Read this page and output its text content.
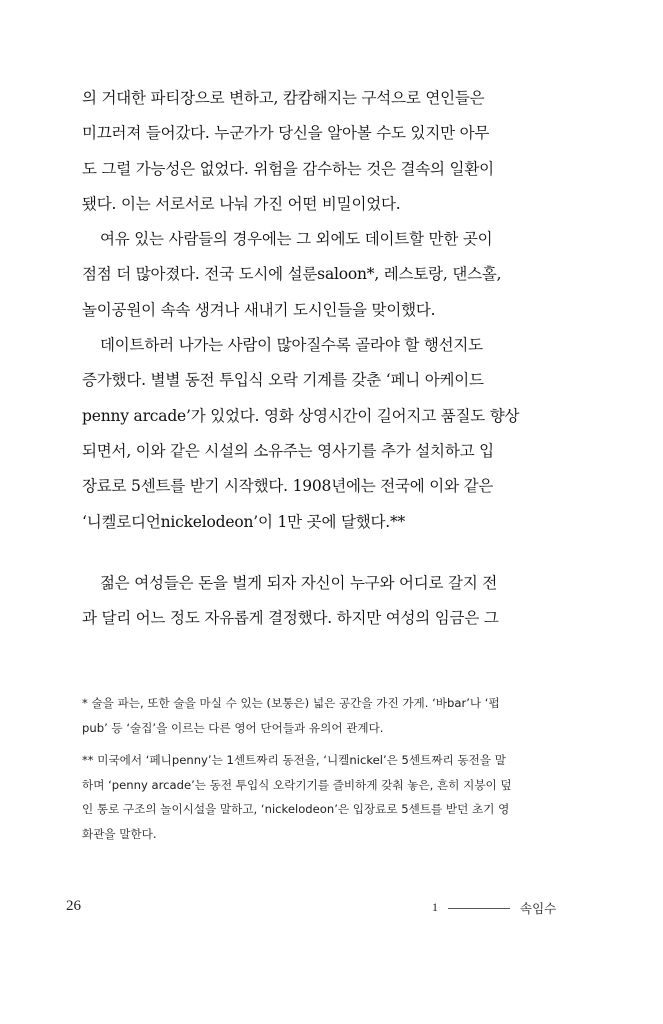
의 거대한 파티장으로 변하고, 캄캄해지는 구석으로 연인들은
미끄러져 들어갔다. 누군가가 당신을 알아볼 수도 있지만 아무
도 그럴 가능성은 없었다. 위험을 감수하는 것은 결속의 일환이
됐다. 이는 서로서로 나눠 가진 어떤 비밀이었다.

여유 있는 사람들의 경우에는 그 외에도 데이트할 만한 곳이
점점 더 많아졌다. 전국 도시에 설룬saloon*, 레스토랑, 댄스홀,
놀이공원이 속속 생겨나 새내기 도시인들을 맞이했다.

데이트하러 나가는 사람이 많아질수록 골라야 할 행선지도
증가했다. 별별 동전 투입식 오락 기계를 갖춘 ‘페니 아케이드
penny arcade’가 있었다. 영화 상영시간이 길어지고 품질도 향상
되면서, 이와 같은 시설의 소유주는 영사기를 추가 설치하고 입
장료로 5센트를 받기 시작했다. 1908년에는 전국에 이와 같은
‘니켈로디언nickelodeon’이 1만 곳에 달했다.**

젊은 여성들은 돈을 벌게 되자 자신이 누구와 어디로 갈지 전
과 달리 어느 정도 자유롭게 결정했다. 하지만 여성의 임금은 그

* 술을 파는, 또한 술을 마실 수 있는 (보통은) 넓은 공간을 가진 가게. ‘바bar’나 ‘펍
pub’ 등 ‘술집’을 이르는 다른 영어 단어들과 유의어 관계다.

** 미국에서 ‘페니penny’는 1센트짜리 동전을, ‘니켈nickel’은 5센트짜리 동전을 말
하며 ‘penny arcade’는 동전 투입식 오락기기를 즐비하게 갖춰 놓은, 흔히 지붕이 덮
인 통로 구조의 놀이시설을 말하고, ‘nickelodeon’은 입장료로 5센트를 받던 초기 영
화관을 말한다.

26	1	속임수
